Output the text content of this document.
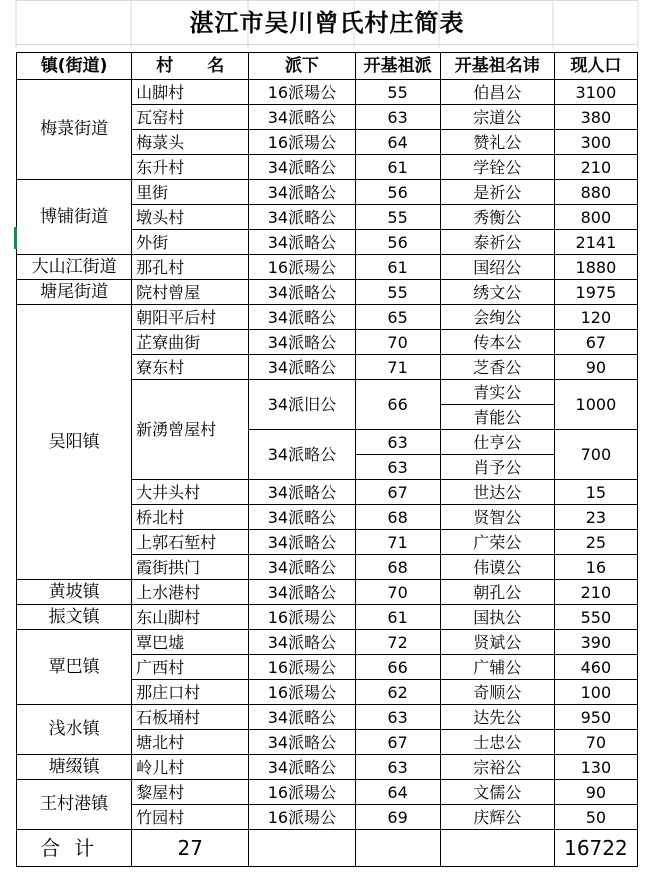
湛江市吴川曾氏村庄简表
镇(街道)	村　　名	派下	开基祖派	开基祖名讳	现人口
梅菉街道	山脚村	16派瑒公	55	伯昌公	3100
	瓦窑村	34派略公	63	宗道公	380
	梅菉头	16派瑒公	64	赞礼公	300
	东升村	34派略公	61	学铨公	210
博铺街道	里街	34派略公	56	是祈公	880
	墩头村	34派略公	55	秀衡公	800
	外街	34派略公	56	泰祈公	2141
大山江街道	那孔村	16派瑒公	61	国绍公	1880
塘尾街道	院村曾屋	34派略公	55	绣文公	1975
吴阳镇	朝阳平后村	34派略公	65	会绚公	120
	芷寮曲街	34派略公	70	传本公	67
	寮东村	34派略公	71	芝香公	90
	新湧曾屋村	34派旧公	66	青实公	1000
				青能公	
		34派略公	63	仕亨公	700
			63	肖予公	
	大井头村	34派略公	67	世达公	15
	桥北村	34派略公	68	贤智公	23
	上郭石堑村	34派略公	71	广荣公	25
	霞街拱门	34派略公	68	伟谟公	16
黄坡镇	上水港村	34派略公	70	朝孔公	210
振文镇	东山脚村	16派瑒公	61	国执公	550
覃巴镇	覃巴墟	34派略公	72	贤斌公	390
	广西村	16派瑒公	66	广辅公	460
	那庄口村	16派瑒公	62	奇顺公	100
浅水镇	石板埇村	34派略公	63	达先公	950
	塘北村	34派略公	67	士忠公	70
塘缀镇	岭儿村	34派略公	63	宗裕公	130
王村港镇	黎屋村	16派瑒公	64	文儒公	90
	竹园村	16派瑒公	69	庆辉公	50
合计	27				16722
